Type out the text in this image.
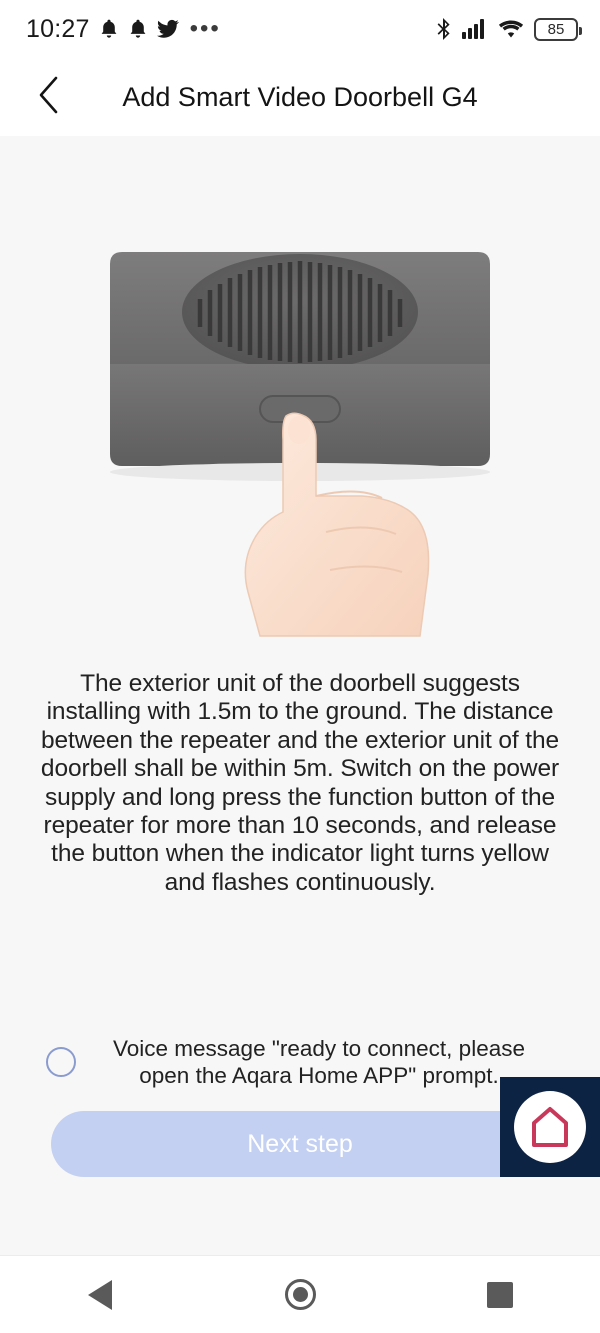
10:27	•••	85
Add Smart Video Doorbell G4
The exterior unit of the doorbell suggests installing with 1.5m to the ground. The distance between the repeater and the exterior unit of the doorbell shall be within 5m. Switch on the power supply and long press the function button of the repeater for more than 10 seconds, and release the button when the indicator light turns yellow and flashes continuously.
Voice message "ready to connect, please open the Aqara Home APP" prompt.
Next step
